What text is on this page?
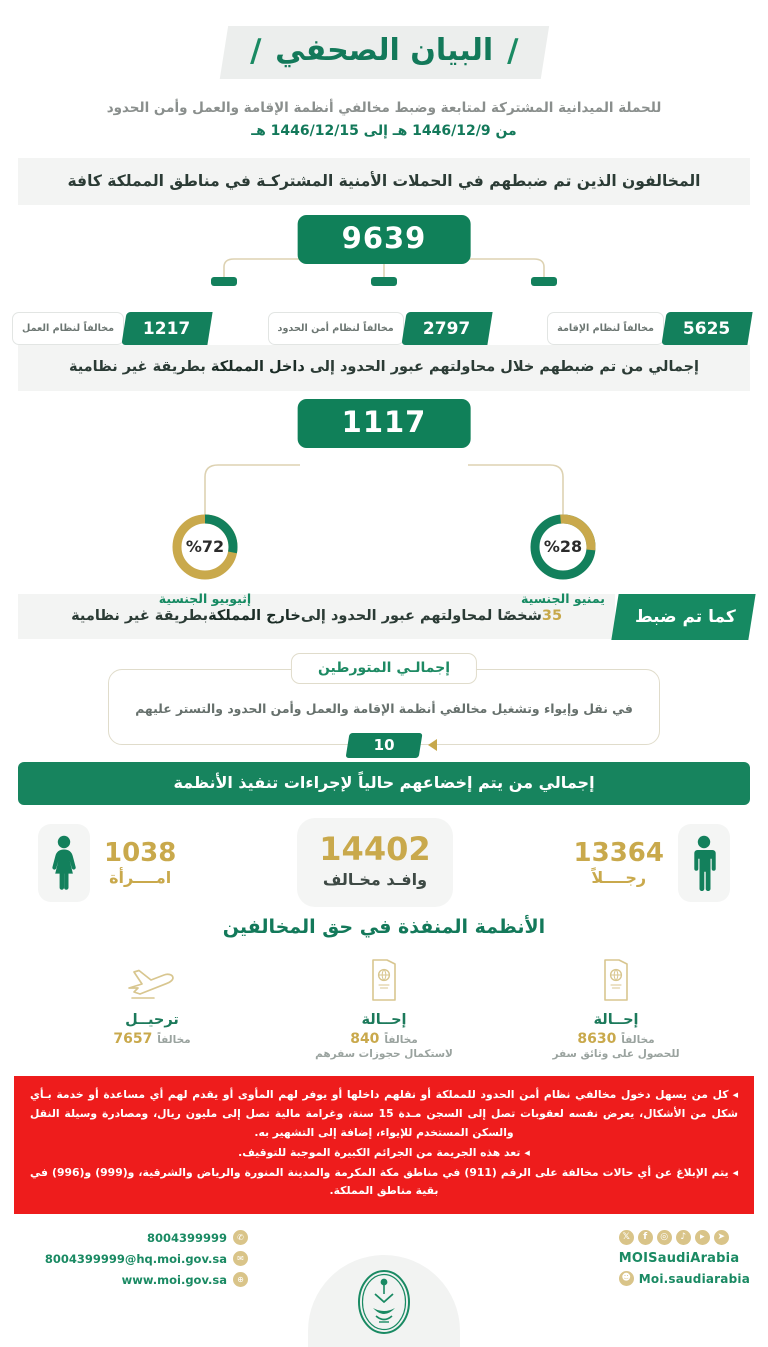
/
البيان الصحفي
/
للحملة الميدانية المشتركة لمتابعة وضبط مخالفي أنظمة الإقامة والعمل وأمن الحدود
من 1446/12/9 هـ إلى 1446/12/15 هـ
المخالفون الذين تم ضبطهم في الحملات الأمنية المشتركـة في مناطق المملكة كافة
9639
5625
مخالفاً لنظام الإقامة
2797
مخالفاً لنظام أمن الحدود
1217
مخالفاً لنظام العمل
إجمالي من تم ضبطهم خلال محاولتهم عبور الحدود إلى داخل المملكة بطريقة غير نظامية
1117
%72
إثيوبيو الجنسية
%28
يمنيو الجنسية
كما تم ضبط
35
شخصًا لمحاولتهم عبور الحدود إلى
خارج المملكة
بطريقة غير نظامية
إجمالـي المتورطين
في نقل وإيواء وتشغيل مخالفي أنظمة الإقامة والعمل وأمن الحدود والتستر عليهم
10
إجمالي من يتم إخضاعهم حالياً لإجراءات تنفيذ الأنظمة
13364
رجــــلاً
14402
وافـد مخـالف
1038
امــــرأة
الأنظمة المنفذة في حق المخالفين
إحــالة
مخالفاً 8630
للحصول على وثائق سفر
إحــالة
مخالفاً 840
لاستكمال حجوزات سفرهم
ترحيــل
مخالفاً 7657

◂كل من يسهل دخول مخالفي نظام أمن الحدود للمملكة أو نقلهم داخلها أو يوفر لهم المأوى أو يقدم لهم أي مساعدة أو خدمة بـأي شكل من الأشكال، يعرض نفسه لعقوبات تصل إلى السجن مـدة 15 سنة، وغرامة مالية تصل إلى مليون ريال، ومصادرة وسيلة النقل والسكن المستخدم للإيواء، إضافة إلى التشهير به.

◂تعد هذه الجريمة من الجرائم الكبيرة الموجبة للتوقيف.

◂يتم الإبلاغ عن أي حالات مخالفة على الرقم (911) في مناطق مكة المكرمة والمدينة المنورة والرياض والشرقية، و(999) و(996) في بقية مناطق المملكة.

𝕏	f	◎	♪	▸	➤
MOISaudiArabia
☻ Moi.saudiarabia
8004399999	✆
8004399999@hq.moi.gov.sa	✉
www.moi.gov.sa	⊕
